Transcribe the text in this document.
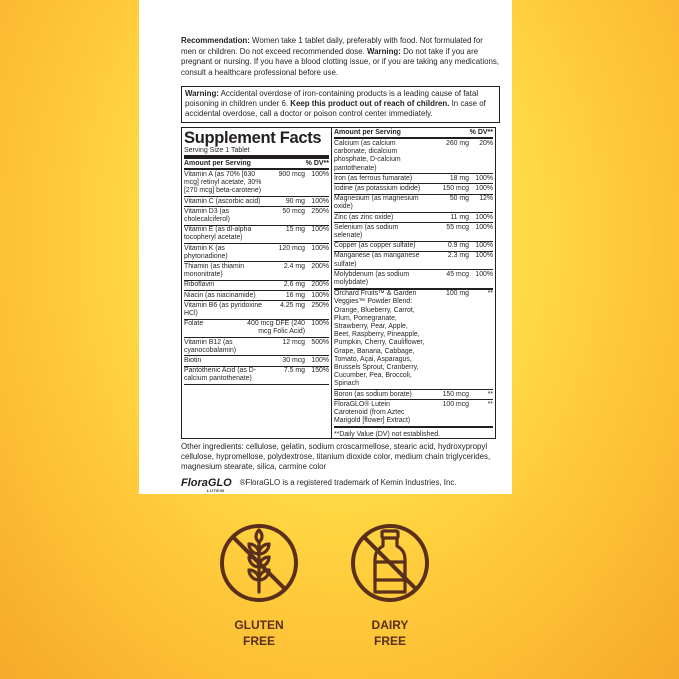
Recommendation: Women take 1 tablet daily, preferably with food. Not formulated for men or children. Do not exceed recommended dose. Warning: Do not take if you are pregnant or nursing. If you have a blood clotting issue, or if you are taking any medications, consult a healthcare professional before use.

Warning: Accidental overdose of iron-containing products is a leading cause of fatal poisoning in children under 6. Keep this product out of reach of children. In case of accidental overdose, call a doctor or poison control center immediately.
Supplement Facts
Serving Size 1 Tablet
Amount per Serving	% DV**
Vitamin A (as 70% [630 mcg] retinyl acetate, 30% [270 mcg] beta-carotene)
900 mcg 100%
Vitamin C (ascorbic acid)	90 mg 100%
Vitamin D3 (as cholecalciferol)
50 mcg 250%
Vitamin E (as dl-alpha tocopheryl acetate)
15 mg 100%
Vitamin K (as phytonadione)
120 mcg 100%
Thiamin (as thiamin mononitrate)
2.4 mg 200%
Riboflavin	2.6 mg 200%
Niacin (as niacinamide)	16 mg 100%
Vitamin B6 (as pyridoxine HCl)
4.25 mg 250%
Folate	400 mcg DFE (240 mcg Folic Acid)
100%
Vitamin B12 (as cyanocobalamin)
12 mcg 500%
Biotin	30 mcg 100%
Pantothenic Acid (as D-calcium pantothenate)
7.5 mg 150%
Amount per Serving	% DV**
Calcium (as calcium carbonate, dicalcium phosphate, D-calcium pantothenate)
260 mg	20%
Iron (as ferrous fumarate)	18 mg 100%
Iodine (as potassium iodide)	150 mcg 100%
Magnesium (as magnesium oxide)
50 mg	12%
Zinc (as zinc oxide)	11 mg 100%
Selenium (as sodium selenate)
55 mcg 100%
Copper (as copper sulfate)	0.9 mg 100%
Manganese (as manganese sulfate)
2.3 mg 100%
Molybdenum (as sodium molybdate)
45 mcg 100%
Orchard Fruits™ & Garden Veggies™ Powder Blend: Orange, Blueberry, Carrot, Plum, Pomegranate, Strawberry, Pear, Apple, Beet, Raspberry, Pineapple, Pumpkin, Cherry, Cauliflower, Grape, Banana, Cabbage, Tomato, Açai, Asparagus, Brussels Sprout, Cranberry, Cucumber, Pea, Broccoli, Spinach
100 mg	**
Boron (as sodium borate)	150 mcg	**
FloraGLO® Lutein Carotenoid (from Aztec Marigold [flower] Extract)
100 mcg	**
**Daily Value (DV) not established.

Other ingredients: cellulose, gelatin, sodium croscarmellose, stearic acid, hydroxypropyl cellulose, hypromellose, polydextrose, titanium dioxide color, medium chain triglycerides, magnesium stearate, silica, carmine color

FloraGLO
LUTEIN
®FloraGLO is a registered trademark of Kemin Industries, Inc.
GLUTEN
FREE
DAIRY
FREE
